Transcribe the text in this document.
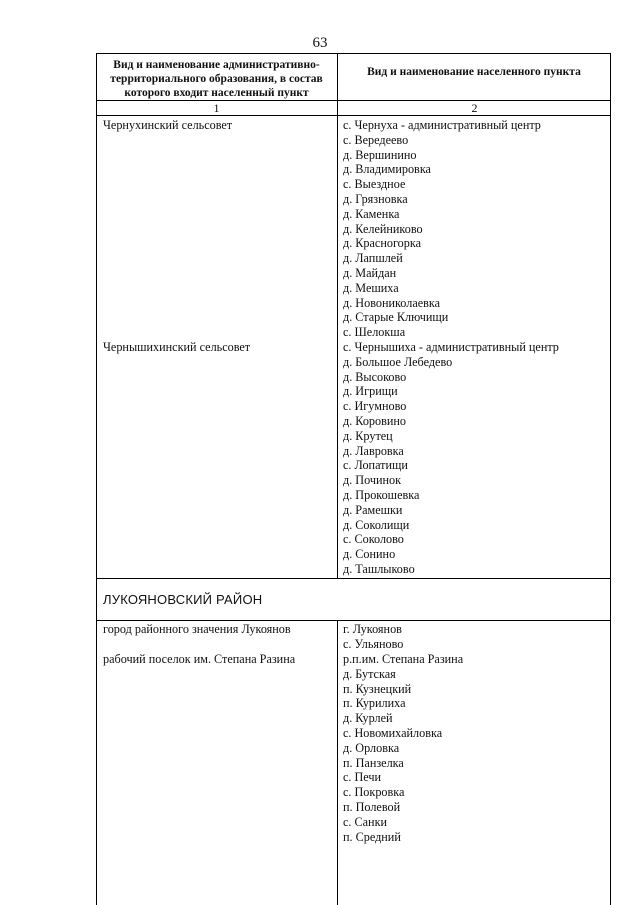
63
Вид и наименование административно-территориального образования, в состав которого входит населенный пункт
Вид и наименование населенного пункта
1	2
Чернухинский сельсовет	с. Чернуха - административный центр
с. Вередеево
д. Вершинино
д. Владимировка
с. Выездное
д. Грязновка
д. Каменка
д. Келейниково
д. Красногорка
д. Лапшлей
д. Майдан
д. Мешиха
д. Новониколаевка
д. Старые Ключищи
с. Шелокша
Чернышихинский сельсовет	с. Чернышиха - административный центр
д. Большое Лебедево
д. Высоково
д. Игрищи
с. Игумново
д. Коровино
д. Крутец
д. Лавровка
с. Лопатищи
д. Починок
д. Прокошевка
д. Рамешки
д. Соколищи
с. Соколово
д. Сонино
д. Ташлыково
ЛУКОЯНОВСКИЙ РАЙОН
город районного значения Лукоянов	г. Лукоянов
с. Ульяново
рабочий поселок им. Степана Разина	р.п.им. Степана Разина
д. Бутская
п. Кузнецкий
п. Курилиха
д. Курлей
с. Новомихайловка
д. Орловка
п. Панзелка
с. Печи
с. Покровка
п. Полевой
с. Санки
п. Средний
